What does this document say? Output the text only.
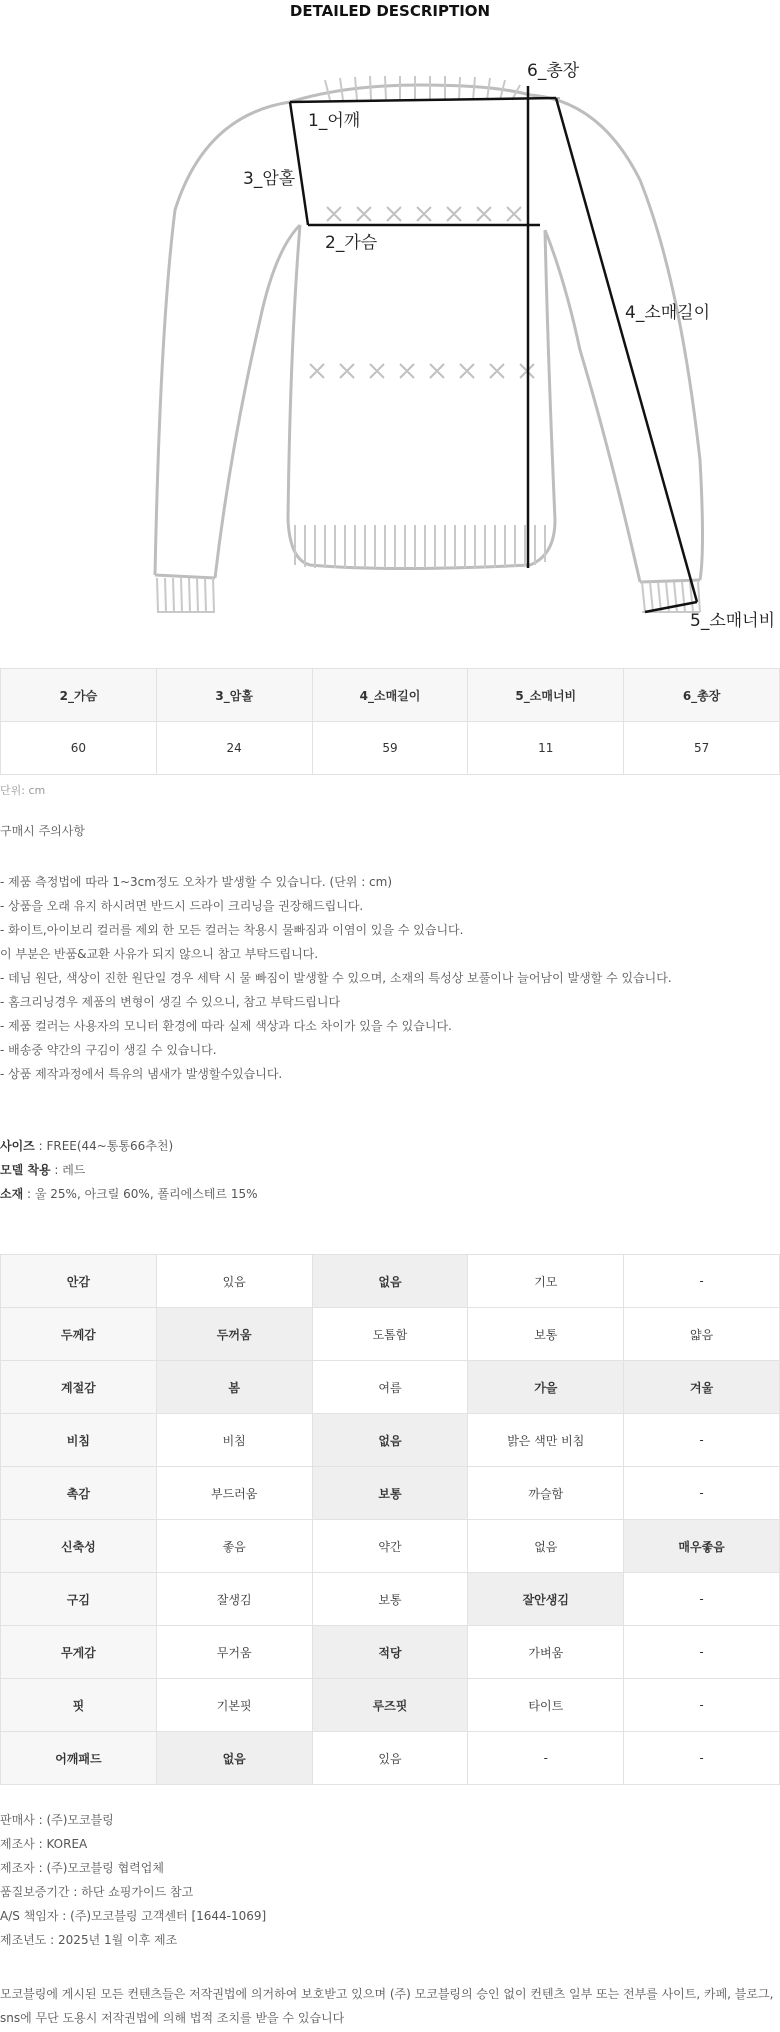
DETAILED DESCRIPTION
1_어깨
2_가슴
3_암홀
4_소매길이
5_소매너비
6_총장
2_가슴	3_암홀	4_소매길이	5_소매너비	6_총장
60	24	59	11	57
단위: cm
구매시 주의사항
- 제품 측정법에 따라 1~3cm정도 오차가 발생할 수 있습니다. (단위 : cm)
- 상품을 오래 유지 하시려면 반드시 드라이 크리닝을 권장해드립니다.
- 화이트,아이보리 컬러를 제외 한 모든 컬러는 착용시 물빠짐과 이염이 있을 수 있습니다.
이 부분은 반품&교환 사유가 되지 않으니 참고 부탁드립니다.
- 데님 원단, 색상이 진한 원단일 경우 세탁 시 물 빠짐이 발생할 수 있으며, 소재의 특성상 보풀이나 늘어남이 발생할 수 있습니다.
- 홈크리닝경우 제품의 변형이 생길 수 있으니, 참고 부탁드립니다
- 제품 컬러는 사용자의 모니터 환경에 따라 실제 색상과 다소 차이가 있을 수 있습니다.
- 배송중 약간의 구김이 생길 수 있습니다.
- 상품 제작과정에서 특유의 냄새가 발생할수있습니다.
사이즈 : FREE(44~통통66추천)
모델 착용 : 레드
소재 : 울 25%, 아크릴 60%, 폴리에스테르 15%
안감	있음	없음	기모	-
두께감	두꺼움	도톰함	보통	얇음
계절감	봄	여름	가을	겨울
비침	비침	없음	밝은 색만 비침	-
촉감	부드러움	보통	까슬함	-
신축성	좋음	약간	없음	매우좋음
구김	잘생김	보통	잘안생김	-
무게감	무거움	적당	가벼움	-
핏	기본핏	루즈핏	타이트	-
어깨패드	없음	있음	-	-
판매사 : (주)모코블링
제조사 : KOREA
제조자 : (주)모코블링 협력업체
품질보증기간 : 하단 쇼핑가이드 참고
A/S 책임자 : (주)모코블링 고객센터 [1644-1069]
제조년도 : 2025년 1월 이후 제조
모코블링에 게시된 모든 컨텐츠들은 저작권법에 의거하여 보호받고 있으며 (주) 모코블링의 승인 없이 컨텐츠 일부 또는 전부를 사이트, 카페, 블로그, sns에 무단 도용시 저작권법에 의해 법적 조치를 받을 수 있습니다
